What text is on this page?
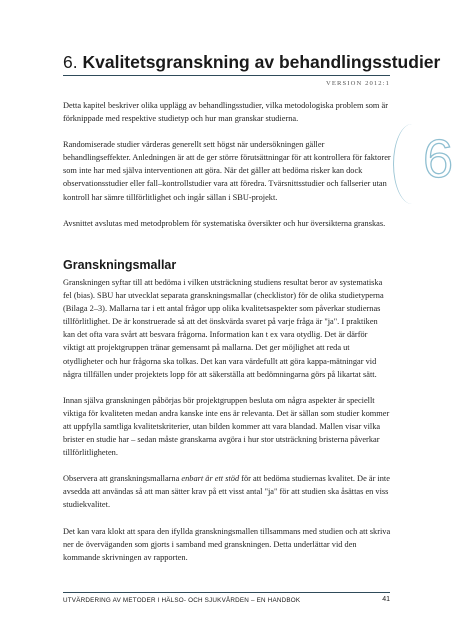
6. Kvalitetsgranskning av behandlingsstudier
VERSION 2012:1
6

Detta kapitel beskriver olika upplägg av behandlingsstudier, vilka metodologiska problem som är förknippade med respektive studietyp och hur man granskar studierna.

Randomiserade studier värderas generellt sett högst när undersökningen gäller behandlingseffekter. Anledningen är att de ger större förutsättningar för att kontrollera för faktorer som inte har med själva interventionen att göra. När det gäller att bedöma risker kan dock observationsstudier eller fall–kontrollstudier vara att föredra. Tvärsnittsstudier och fallserier utan kontroll har sämre tillförlitlighet och ingår sällan i SBU-projekt.

Avsnittet avslutas med metodproblem för systematiska översikter och hur översikterna granskas.

Granskningsmallar

Granskningen syftar till att bedöma i vilken utsträckning studiens resultat beror av systematiska fel (bias). SBU har utvecklat separata granskningsmallar (checklistor) för de olika studietyperna (Bilaga 2–3). Mallarna tar i ett antal frågor upp olika kvalitetsaspekter som påverkar studiernas tillförlitlighet. De är konstruerade så att det önskvärda svaret på varje fråga är "ja". I praktiken kan det ofta vara svårt att besvara frågorna. Information kan t ex vara otydlig. Det är därför viktigt att projektgruppen tränar gemensamt på mallarna. Det ger möjlighet att reda ut otydligheter och hur frågorna ska tolkas. Det kan vara värdefullt att göra kappa-mätningar vid några tillfällen under projektets lopp för att säkerställa att bedömningarna görs på likartat sätt.

Innan själva granskningen påbörjas bör projektgruppen besluta om några aspekter är speciellt viktiga för kvaliteten medan andra kanske inte ens är relevanta. Det är sällan som studier kommer att uppfylla samtliga kvalitetskriterier, utan bilden kommer att vara blandad. Mallen visar vilka brister en studie har – sedan måste granskarna avgöra i hur stor utsträckning bristerna påverkar tillförlitligheten.

Observera att granskningsmallarna enbart är ett stöd för att bedöma studiernas kvalitet. De är inte avsedda att användas så att man sätter krav på ett visst antal "ja" för att studien ska åsättas en viss studiekvalitet.

Det kan vara klokt att spara den ifyllda granskningsmallen tillsammans med studien och att skriva ner de överväganden som gjorts i samband med granskningen. Detta underlättar vid den kommande skrivningen av rapporten.

UTVÄRDERING AV METODER I HÄLSO- OCH SJUKVÅRDEN – EN HANDBOK	41
